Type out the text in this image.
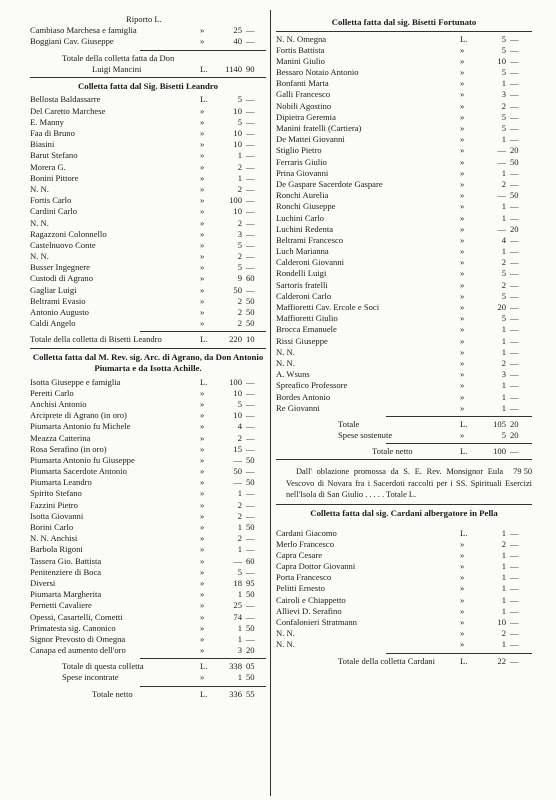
Riporto L.
Cambiaso Marchesa e famiglia	»	25 —
Boggiani Cav. Giuseppe	»	40 —
Totale della colletta fatta da Don
Luigi Mancini	L.	1140 90
Colletta fatta dal Sig. Bisetti Leandro
Bellosta Baldassarre	L.	5 —
Del Caretto Marchese	»	10 —
E. Manny	»	5 —
Faa di Bruno	»	10 —
Biasini	»	10 —
Barut Stefano	»	1 —
Morera G.	»	2 —
Bonini Pittore	»	1 —
N. N.	»	2 —
Fortis Carlo	»	100 —
Cardini Carlo	»	10 —
N. N.	»	2 —
Ragazzoni Colonnello	»	3 —
Castelnuovo Conte	»	5 —
N. N.	»	2 —
Busser Ingegnere	»	5 —
Custodi di Agrano	»	9 60
Gagliar Luigi	»	50 —
Beltrami Evasio	»	2 50
Antonio Augusto	»	2 50
Caldi Angelo	»	2 50
Totale della colletta di Bisetti Leandro	L.	220 10
Colletta fatta dal M. Rev. sig. Arc. di Agrano, da Don Antonio Piumarta e da Isotta Achille.
Isotta Giuseppe e famiglia	L.	100 —
Peretti Carlo	»	10 —
Anchisi Antonio	»	5 —
Arciprete di Agrano (in oro)	»	10 —
Piumarta Antonio fu Michele	»	4 —
Meazza Catterina	»	2 —
Rosa Serafino (in oro)	»	15 —
Piumarta Antonio fu Giuseppe	»	— 50
Piumarta Sacerdote Antonio	»	50 —
Piumarta Leandro	»	— 50
Spirito Stefano	»	1 —
Fazzini Pietro	»	2 —
Isotta Giovanni	»	2 —
Borini Carlo	»	1 50
N. N. Anchisi	»	2 —
Barbola Rigoni	»	1 —
Tassera Gio. Battista	»	— 60
Penitenziere di Boca	»	5 —
Diversi	»	18 95
Piumarta Margherita	»	1 50
Pernetti Cavaliere	»	25 —
Opessi, Casartelli, Cometti	»	74 —
Primatesta sig. Canonico	»	1 50
Signor Prevosto di Omegna	»	1 —
Canapa ed aumento dell'oro	»	3 20
Totale di questa colletta	L.	338 05
Spese incontrate	»	1 50
Totale netto	L.	336 55
Colletta fatta dal sig. Bisetti Fortunato
N. N. Omegna	L.	5 —
Fortis Battista	»	5 —
Manini Giulio	»	10 —
Bessaro Notaio Antonio	»	5 —
Bonfanti Marta	»	1 —
Galli Francesco	»	3 —
Nobili Agostino	»	2 —
Dipietra Geremia	»	5 —
Manini fratelli (Cartiera)	»	5 —
De Mattei Giovanni	»	1 —
Stiglio Pietro	»	— 20
Ferraris Giulio	»	— 50
Prina Giovanni	»	1 —
De Gaspare Sacerdote Gaspare	»	2 —
Ronchi Aurelia	»	— 50
Ronchi Giuseppe	»	1 —
Luchini Carlo	»	1 —
Luchini Redenta	»	— 20
Beltrami Francesco	»	4 —
Luch Marianna	»	1 —
Calderoni Giovanni	»	2 —
Rondelli Luigi	»	5 —
Sartoris fratelli	»	2 —
Calderoni Carlo	»	5 —
Maffioretti Cav. Ercole e Soci	»	20 —
Maffioretti Giulio	»	5 —
Brocca Emanuele	»	1 —
Rissi Giuseppe	»	1 —
N. N.	»	1 —
N. N.	»	2 —
A. Wsuns	»	3 —
Spreafico Professore	»	1 —
Bordes Antonio	»	1 —
Re Giovanni	»	1 —
Totale	L.	105 20
Spese sostenute	»	5 20
Totale netto	L.	100 —
79 50
Dall' oblazione promossa da S. E. Rev. Monsignor Eula Vescovo di Novara fra i Sacerdoti raccolti per i SS. Spirituali Esercizi nell'Isola di San Giulio . . . . . Totale L.
Colletta fatta dal sig. Cardani albergatore in Pella
Cardani Giacomo	L.	1 —
Merlo Francesco	»	2 —
Capra Cesare	»	1 —
Capra Dottor Giovanni	»	1 —
Porta Francesco	»	1 —
Pelitti Ernesto	»	1 —
Cairoli e Chiappetto	»	1 —
Allievi D. Serafino	»	1 —
Confalonieri Stratmann	»	10 —
N. N.	»	2 —
N. N.	»	1 —
Totale della colletta Cardani	L.	22 —
